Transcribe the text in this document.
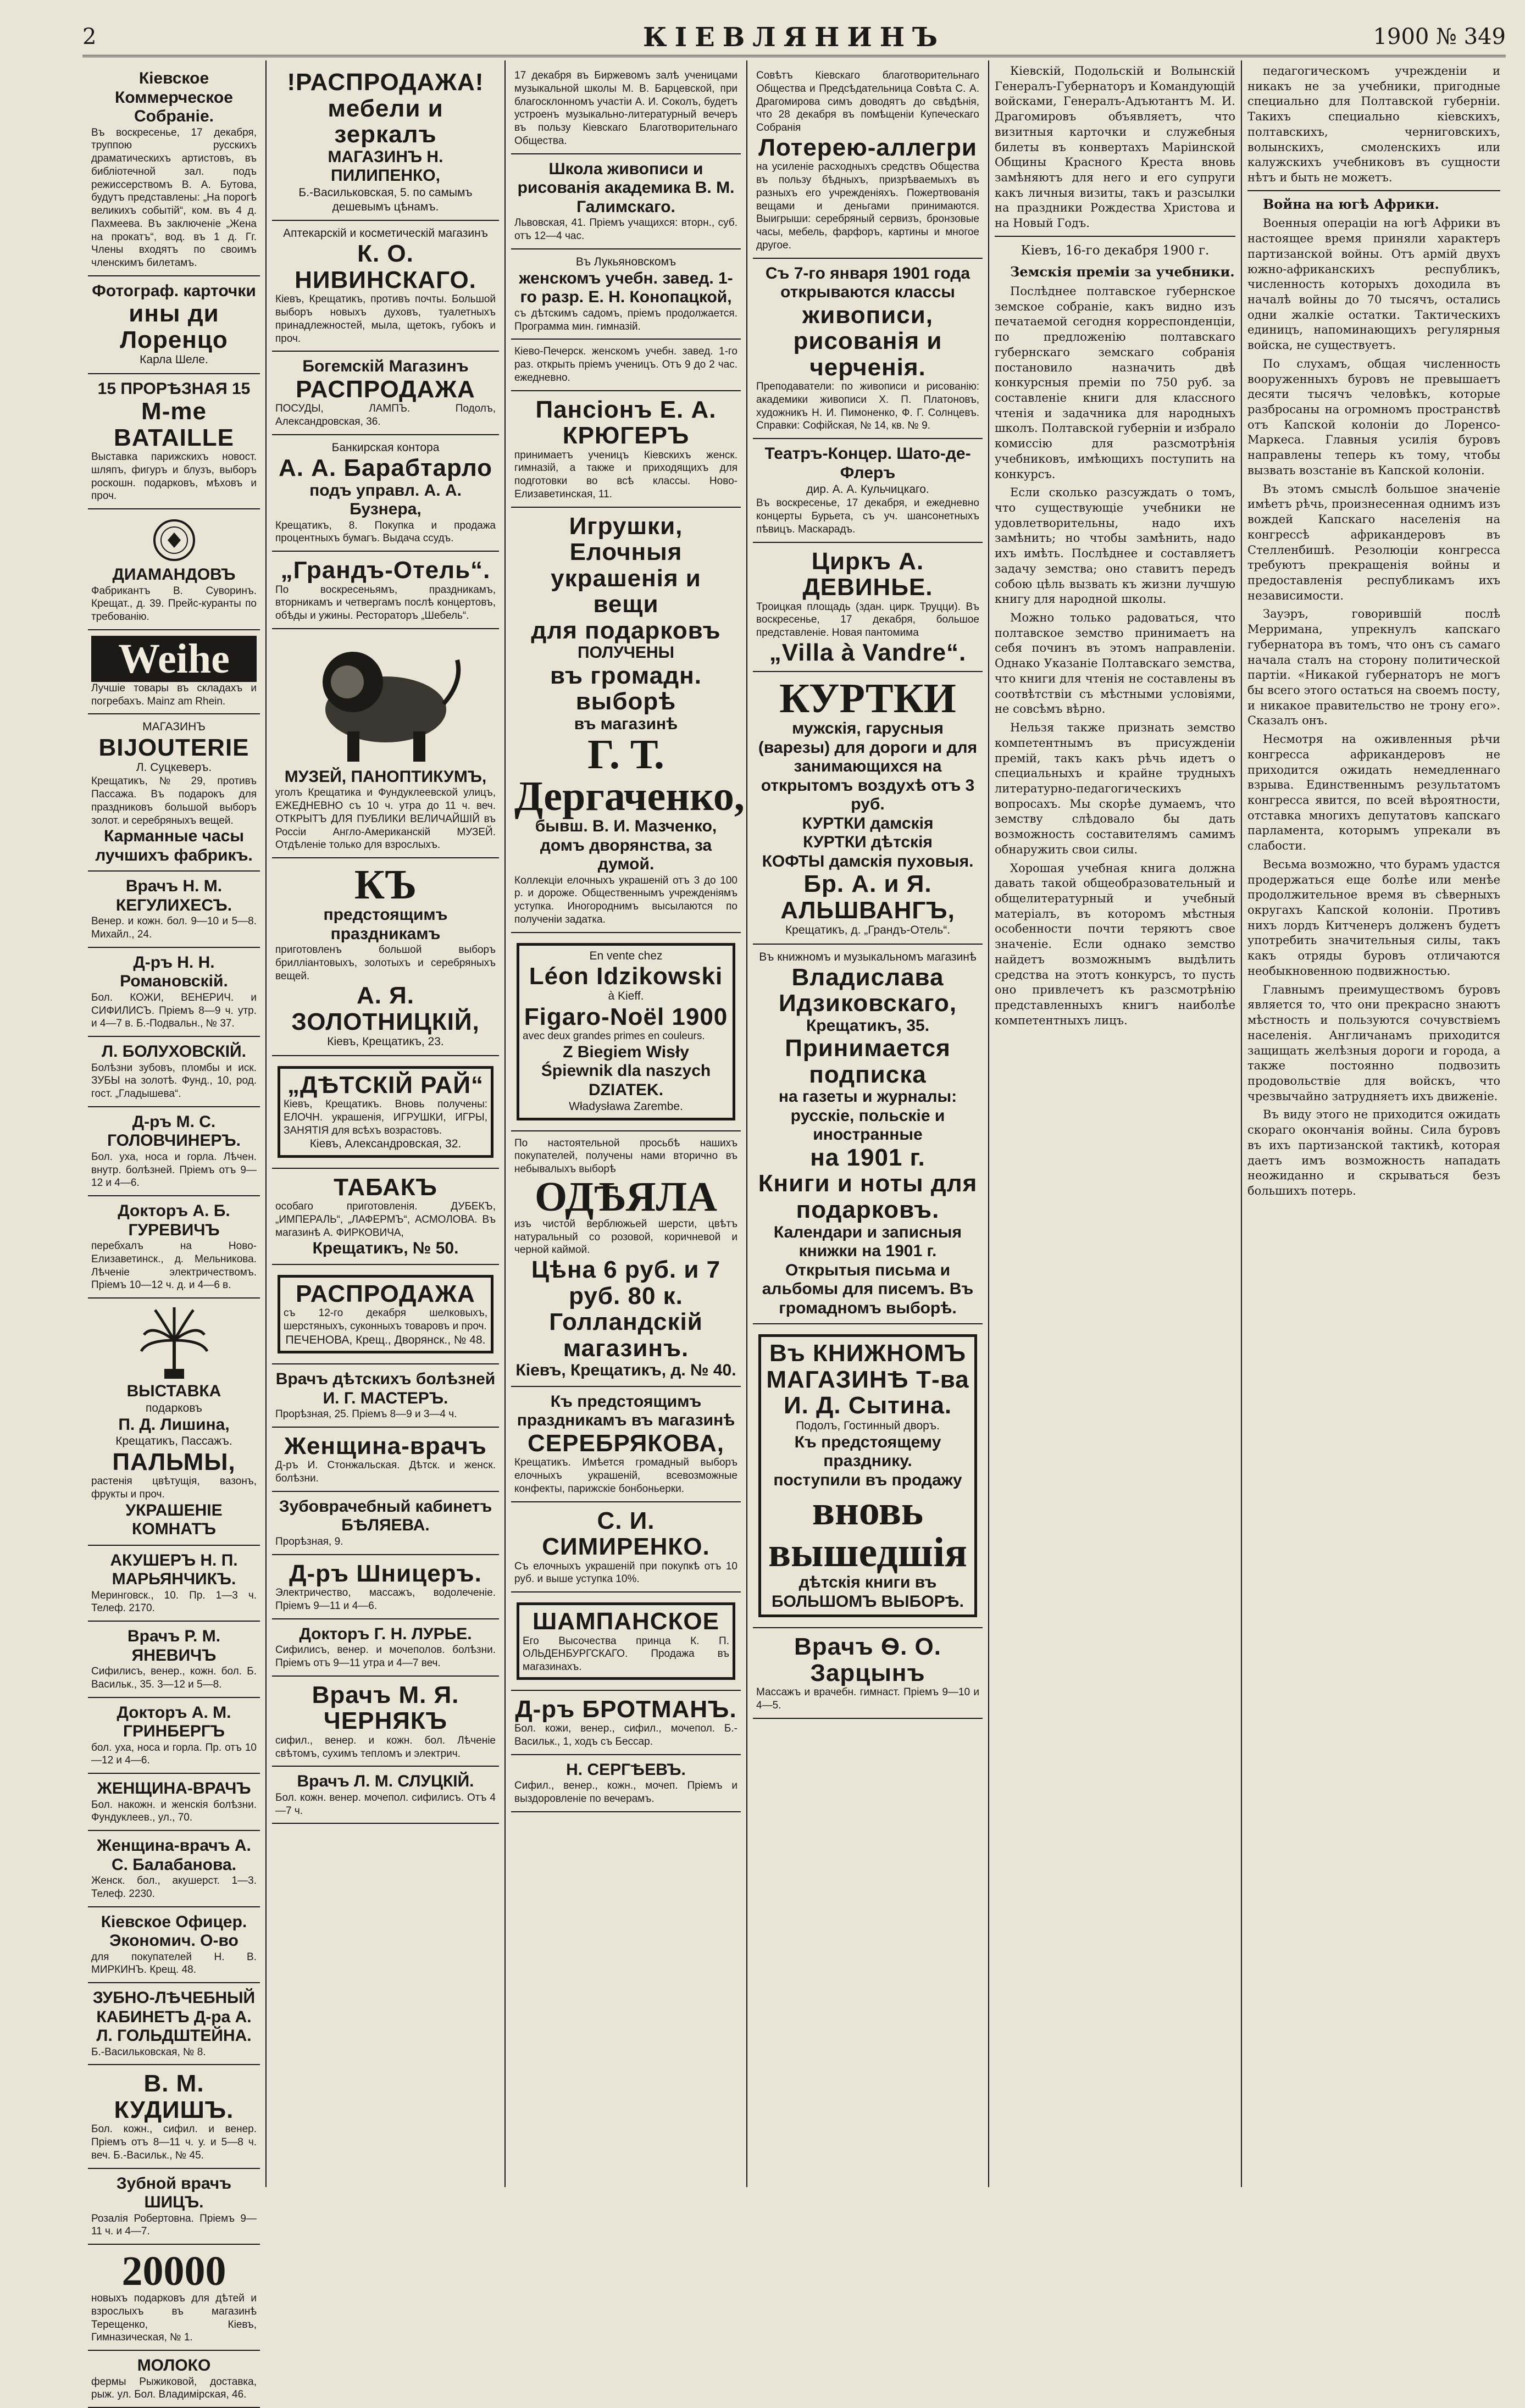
2	КІЕВЛЯНИНЪ	1900 № 349
Кіевское Коммерческое Собраніе.
Въ воскресенье, 17 декабря, труппою русскихъ драматическихъ артистовъ, въ библіотечной зал. подъ режиссерствомъ В. А. Бутова, будутъ представлены: „На порогѣ великихъ событій“, ком. въ 4 д. Пахмеева. Въ заключеніе „Жена на прокатъ“, вод. въ 1 д. Гг. Члены входятъ по своимъ членскимъ билетамъ.
Фотограф. карточки
ины ди Лоренцо
Карла Шеле.
15 ПРОРѢЗНАЯ 15
M-me BATAILLE
Выставка парижскихъ новост. шляпъ, фигуръ и блузъ, выборъ роскошн. подарковъ, мѣховъ и проч.
ДИАМАНДОВЪ
Фабрикантъ В. Суворинъ. Крещат., д. 39. Прейс-куранты по требованію.
Weihe
Лучшіе товары въ складахъ и погребахъ. Mainz am Rhein.
МАГАЗИНЪ
BIJOUTERIE
Л. Суцкеверъ.
Крещатикъ, № 29, противъ Пассажа. Въ подарокъ для праздниковъ большой выборъ золот. и серебряныхъ вещей.
Карманные часы лучшихъ фабрикъ.
Врачъ Н. М. КЕГУЛИХЕСЪ.
Венер. и кожн. бол. 9—10 и 5—8. Михайл., 24.
Д-ръ Н. Н. Романовскій.
Бол. КОЖИ, ВЕНЕРИЧ. и СИФИЛИСЪ. Пріемъ 8—9 ч. утр. и 4—7 в. Б.-Подвальн., № 37.
Л. БОЛУХОВСКІЙ.
Болѣзни зубовъ, пломбы и иск. ЗУБЫ на золотѣ. Фунд., 10, род. гост. „Гладышева“.
Д-ръ М. С. ГОЛОВЧИНЕРЪ.
Бол. уха, носа и горла. Лѣчен. внутр. болѣзней. Пріемъ отъ 9—12 и 4—6.
Докторъ А. Б. ГУРЕВИЧЪ
перебхалъ на Ново-Елизаветинск., д. Мельникова. Лѣченіе электричествомъ. Пріемъ 10—12 ч. д. и 4—6 в.
ВЫСТАВКА
подарковъ
П. Д. Лишина,
Крещатикъ, Пассажъ.
ПАЛЬМЫ,
растенія цвѣтущія, вазонъ, фрукты и проч.
УКРАШЕНІЕ КОМНАТЪ
АКУШЕРЪ Н. П. МАРЬЯНЧИКЪ.
Меринговск., 10. Пр. 1—3 ч. Телеф. 2170.
Врачъ Р. М. ЯНЕВИЧЪ
Сифилисъ, венер., кожн. бол. Б. Васильк., 35. 3—12 и 5—8.
Докторъ А. М. ГРИНБЕРГЪ
бол. уха, носа и горла. Пр. отъ 10—12 и 4—6.
ЖЕНЩИНА-ВРАЧЪ
Бол. накожн. и женскія болѣзни. Фундуклеев., ул., 70.
Женщина-врачъ А. С. Балабанова.
Женск. бол., акушерст. 1—3. Телеф. 2230.
Кіевское Офицер. Экономич. О-во
для покупателей Н. В. МИРКИНЪ. Крещ. 48.
ЗУБНО-ЛѢЧЕБНЫЙ КАБИНЕТЪ Д-ра А. Л. ГОЛЬДШТЕЙНА.
Б.-Васильковская, № 8.
В. М. КУДИШЪ.
Бол. кожн., сифил. и венер. Пріемъ отъ 8—11 ч. у. и 5—8 ч. веч. Б.-Васильк., № 45.
Зубной врачъ ШИЦЪ.
Розалія Робертовна. Пріемъ 9—11 ч. и 4—7.
20000
новыхъ подарковъ для дѣтей и взрослыхъ въ магазинѣ Терещенко, Кіевъ, Гимназическая, № 1.
МОЛОКО
фермы Рыжиковой, доставка, рыж. ул. Бол. Владимірская, 46.
!РАСПРОДАЖА!
мебели и зеркалъ
МАГАЗИНЪ Н. ПИЛИПЕНКО,
Б.-Васильковская, 5. по самымъ дешевымъ цѣнамъ.
Аптекарскій и косметическій магазинъ
К. О. НИВИНСКАГО.
Кіевъ, Крещатикъ, противъ почты. Большой выборъ новыхъ духовъ, туалетныхъ принадлежностей, мыла, щетокъ, губокъ и проч.
Богемскій Магазинъ
РАСПРОДАЖА
ПОСУДЫ, ЛАМПЪ. Подолъ, Александровская, 36.
Банкирская контора
А. А. Барабтарло
подъ управл. А. А. Бузнера,
Крещатикъ, 8. Покупка и продажа процентныхъ бумагъ. Выдача ссудъ.
„Грандъ-Отель“.
По воскресеньямъ, праздникамъ, вторникамъ и четвергамъ послѣ концертовъ, обѣды и ужины. Рестораторъ „Шебель“.
МУЗЕЙ, ПАНОПТИКУМЪ,
уголъ Крещатика и Фундуклеевской улицъ, ЕЖЕДНЕВНО съ 10 ч. утра до 11 ч. веч. ОТКРЫТЪ ДЛЯ ПУБЛИКИ ВЕЛИЧАЙШІЙ въ Россіи Англо-Американскій МУЗЕЙ. Отдѣленіе только для взрослыхъ.
КЪ
предстоящимъ праздникамъ
приготовленъ большой выборъ брилліантовыхъ, золотыхъ и серебряныхъ вещей.
А. Я. ЗОЛОТНИЦКІЙ,
Кіевъ, Крещатикъ, 23.
„ДѢТСКІЙ РАЙ“
Кіевъ, Крещатикъ. Вновь получены: ЕЛОЧН. украшенія, ИГРУШКИ, ИГРЫ, ЗАНЯТІЯ для всѣхъ возрастовъ.
Кіевъ, Александровская, 32.
ТАБАКЪ
особаго приготовленія. ДУБЕКЪ, „ИМПЕРАЛЬ“, „ЛАФЕРМЪ“, АСМОЛОВА. Въ магазинѣ А. ФИРКОВИЧА,
Крещатикъ, № 50.
РАСПРОДАЖА
съ 12-го декабря шелковыхъ, шерстяныхъ, суконныхъ товаровъ и проч.
ПЕЧЕНОВА, Крещ., Дворянск., № 48.
Врачъ дѣтскихъ болѣзней И. Г. МАСТЕРЪ.
Прорѣзная, 25. Пріемъ 8—9 и 3—4 ч.
Женщина-врачъ
Д-ръ И. Стонжальская. Дѣтск. и женск. болѣзни.
Зубоврачебный кабинетъ БѢЛЯЕВА.
Прорѣзная, 9.
Д-ръ Шницеръ.
Электричество, массажъ, водолеченіе. Пріемъ 9—11 и 4—6.
Докторъ Г. Н. ЛУРЬЕ.
Сифилисъ, венер. и мочеполов. болѣзни. Пріемъ отъ 9—11 утра и 4—7 веч.
Врачъ М. Я. ЧЕРНЯКЪ
сифил., венер. и кожн. бол. Лѣченіе свѣтомъ, сухимъ тепломъ и электрич.
Врачъ Л. М. СЛУЦКІЙ.
Бол. кожн. венер. мочепол. сифилисъ. Отъ 4—7 ч.
17 декабря въ Биржевомъ залѣ ученицами музыкальной школы М. В. Барцевской, при благосклонномъ участіи А. И. Соколъ, будетъ устроенъ музыкально-литературный вечеръ въ пользу Кіевскаго Благотворительнаго Общества.
Школа живописи и рисованія академика В. М. Галимскаго.
Львовская, 41. Пріемъ учащихся: вторн., суб. отъ 12—4 час.
Въ Лукьяновскомъ
женскомъ учебн. завед. 1-го разр. Е. Н. Конопацкой,
съ дѣтскимъ садомъ, пріемъ продолжается. Программа мин. гимназій.
Кіево-Печерск. женскомъ учебн. завед. 1-го раз. открыть пріемъ ученицъ. Отъ 9 до 2 час. ежедневно.
Пансіонъ Е. А. КРЮГЕРЪ
принимаетъ ученицъ Кіевскихъ женск. гимназій, а также и приходящихъ для подготовки во всѣ классы. Ново-Елизаветинская, 11.
Игрушки, Елочныя
украшенія и вещи
для подарковъ
ПОЛУЧЕНЫ
въ громадн. выборѣ
въ магазинѣ
Г. Т. Дергаченко,
бывш. В. И. Мазченко,
домъ дворянства, за думой.
Коллекціи елочныхъ украшеній отъ 3 до 100 р. и дороже. Общественнымъ учрежденіямъ уступка. Иногороднимъ высылаются по полученіи задатка.
En vente chez
Léon Idzikowski
à Kieff.
Figaro-Noël 1900
avec deux grandes primes en couleurs.
Z Biegiem Wisły
Śpiewnik dla naszych DZIATEK.
Władysława Zarembe.
По настоятельной просьбѣ нашихъ покупателей, получены нами вторично въ небывалыхъ выборѣ
ОДѢЯЛА
изъ чистой верблюжьей шерсти, цвѣтъ натуральный со розовой, коричневой и черной каймой.
Цѣна 6 руб. и 7 руб. 80 к.
Голландскій магазинъ.
Кіевъ, Крещатикъ, д. № 40.
Къ предстоящимъ праздникамъ въ магазинѣ
СЕРЕБРЯКОВА,
Крещатикъ. Имѣется громадный выборъ елочныхъ украшеній, всевозможные конфекты, парижскіе бонбоньерки.
С. И. СИМИРЕНКО.
Съ елочныхъ украшеній при покупкѣ отъ 10 руб. и выше уступка 10%.
ШАМПАНСКОЕ
Его Высочества принца К. П. ОЛЬДЕНБУРГСКАГО. Продажа въ магазинахъ.
Д-ръ БРОТМАНЪ.
Бол. кожи, венер., сифил., мочепол. Б.-Васильк., 1, ходъ съ Бессар.
Н. СЕРГѢЕВЪ.
Сифил., венер., кожн., мочеп. Пріемъ и выздоровленіе по вечерамъ.
Совѣтъ Кіевскаго благотворительнаго Общества и Предсѣдательница Совѣта С. А. Драгомирова симъ доводятъ до свѣдѣнія, что 28 декабря въ помѣщеніи Купеческаго Собранія
Лотерею-аллегри
на усиленіе расходныхъ средствъ Общества въ пользу бѣдныхъ, призрѣваемыхъ въ разныхъ его учрежденіяхъ. Пожертвованія вещами и деньгами принимаются. Выигрыши: серебряный сервизъ, бронзовые часы, мебель, фарфоръ, картины и многое другое.
Съ 7-го января 1901 года открываются классы
живописи, рисованія и черченія.
Преподаватели: по живописи и рисованію: академики живописи Х. П. Платоновъ, художникъ Н. И. Пимоненко, Ф. Г. Солнцевъ. Справки: Софійская, № 14, кв. № 9.
Театръ-Концер. Шато-де-Флеръ
дир. А. А. Кульчицкаго.
Въ воскресенье, 17 декабря, и ежедневно концерты Бурьета, съ уч. шансонетныхъ пѣвицъ. Маскарадъ.
Циркъ А. ДЕВИНЬЕ.
Троицкая площадь (здан. цирк. Труцци). Въ воскресенье, 17 декабря, большое представленіе. Новая пантомима
„Villa à Vandre“.
КУРТКИ
мужскія, гаруcныя (варезы) для дороги и для занимающихся на открытомъ воздухѣ отъ 3 руб.
КУРТКИ дамскія
КУРТКИ дѣтскія
КОФТЫ дамскія пуховыя.
Бр. А. и Я. АЛЬШВАНГЪ,
Крещатикъ, д. „Грандъ-Отель“.
Въ книжномъ и музыкальномъ магазинѣ
Владислава Идзиковскаго,
Крещатикъ, 35.
Принимается подписка
на газеты и журналы: русскіе, польскіе и иностранные
на 1901 г.
Книги и ноты для подарковъ.
Календари и записныя книжки на 1901 г. Открытыя письма и альбомы для писемъ. Въ громадномъ выборѣ.
Въ КНИЖНОМЪ МАГАЗИНѢ Т-ва И. Д. Сытина.
Подолъ, Гостинный дворъ.
Къ предстоящему празднику.
поступили въ продажу
вновь вышедшія
дѣтскія книги въ БОЛЬШОМЪ ВЫБОРѢ.
Врачъ Ѳ. О. Зарцынъ
Массажъ и врачебн. гимнаст. Пріемъ 9—10 и 4—5.

Кіевскій, Подольскій и Волынскій Генералъ-Губернаторъ и Командующій войсками, Генералъ-Адъютантъ М. И. Драгомировъ объявляетъ, что визитныя карточки и служебныя билеты въ конвертахъ Маріинской Общины Красного Креста вновь замѣняютъ для него и его супруги какъ личныя визиты, такъ и разсылки на праздники Рождества Христова и на Новый Годъ.

Кіевъ, 16-го декабря 1900 г.

Земскія преміи за учебники.

Послѣднее полтавское губернское земское собраніе, какъ видно изъ печатаемой сегодня корреспонденціи, по предложенію полтавскаго губернскаго земскаго собранія постановило назначить двѣ конкурсныя преміи по 750 руб. за составленіе книги для классного чтенія и задачника для народныхъ школъ. Полтавской губерніи и избрало комиссію для разсмотрѣнія учебниковъ, имѣющихъ поступить на конкурсъ.

Если сколько разсуждать о томъ, что существующіе учебники не удовлетворительны, надо ихъ замѣнить; но чтобы замѣнить, надо ихъ имѣть. Послѣднее и составляетъ задачу земства; оно ставитъ передъ собою цѣль вызвать къ жизни лучшую книгу для народной школы.

Можно только радоваться, что полтавское земство принимаетъ на себя починъ въ этомъ направленіи. Однако Указаніе Полтавскаго земства, что книги для чтенія не составлены въ соотвѣтствіи съ мѣстными условіями, не совсѣмъ вѣрно.

Нельзя также признать земство компетентнымъ въ присужденіи премій, такъ какъ рѣчь идетъ о специальныхъ и крайне трудныхъ литературно-педагогическихъ вопросахъ. Мы скорѣе думаемъ, что земству слѣдовало бы дать возможность составителямъ самимъ обнаружить свои силы.

Хорошая учебная книга должна давать такой общеобразовательный и общелитературный и учебный матеріалъ, въ которомъ мѣстныя особенности почти теряютъ свое значеніе. Если однако земство найдетъ возможнымъ выдѣлить средства на этотъ конкурсъ, то пусть оно привлечетъ къ разсмотрѣнію представленныхъ книгъ наиболѣе компетентныхъ лицъ.

педагогическомъ учрежденіи и никакъ не за учебники, пригодные специально для Полтавской губерніи. Такихъ специально кіевскихъ, полтавскихъ, черниговскихъ, волынскихъ, смоленскихъ или калужскихъ учебниковъ въ сущности нѣтъ и быть не можетъ.

Война на югѣ Африки.

Военныя операціи на югѣ Африки въ настоящее время приняли характеръ партизанской войны. Отъ армій двухъ южно-африканскихъ республикъ, численность которыхъ доходила въ началѣ войны до 70 тысячъ, остались одни жалкіе остатки. Тактическихъ единицъ, напоминающихъ регулярныя войска, не существуетъ.

По слухамъ, общая численность вооруженныхъ буровъ не превышаетъ десяти тысячъ человѣкъ, которые разбросаны на огромномъ пространствѣ отъ Капской колоніи до Лоренсо-Маркеса. Главныя усилія буровъ направлены теперь къ тому, чтобы вызвать возстаніе въ Капской колоніи.

Въ этомъ смыслѣ большое значеніе имѣетъ рѣчь, произнесенная однимъ изъ вождей Капскаго населенія на конгрессѣ африкандеровъ въ Стелленбишѣ. Резолюціи конгресса требуютъ прекращенія войны и предоставленія республикамъ ихъ независимости.

Зауэръ, говорившій послѣ Мерримана, упрекнулъ капскаго губернатора въ томъ, что онъ съ самаго начала сталъ на сторону политической партіи. «Никакой губернаторъ не могъ бы всего этого остаться на своемъ посту, и никакое правительство не трону его». Сказалъ онъ.

Несмотря на оживленныя рѣчи конгресса африкандеровъ не приходится ожидать немедленнаго взрыва. Единственнымъ результатомъ конгресса явится, по всей вѣроятности, отставка многихъ депутатовъ капскаго парламента, которымъ упрекали въ слабости.

Весьма возможно, что бурамъ удастся продержаться еще болѣе или менѣе продолжительное время въ сѣверныхъ округахъ Капской колоніи. Противъ нихъ лордъ Китченеръ долженъ будетъ употребить значительныя силы, такъ какъ отряды буровъ отличаются необыкновенною подвижностью.

Главнымъ преимуществомъ буровъ является то, что они прекрасно знаютъ мѣстность и пользуются сочувствіемъ населенія. Англичанамъ приходится защищать желѣзныя дороги и города, а также постоянно подвозить продовольствіе для войскъ, что чрезвычайно затрудняетъ ихъ движеніе.

Въ виду этого не приходится ожидать скораго окончанія войны. Сила буровъ въ ихъ партизанской тактикѣ, которая даетъ имъ возможность нападать неожиданно и скрываться безъ большихъ потерь.
